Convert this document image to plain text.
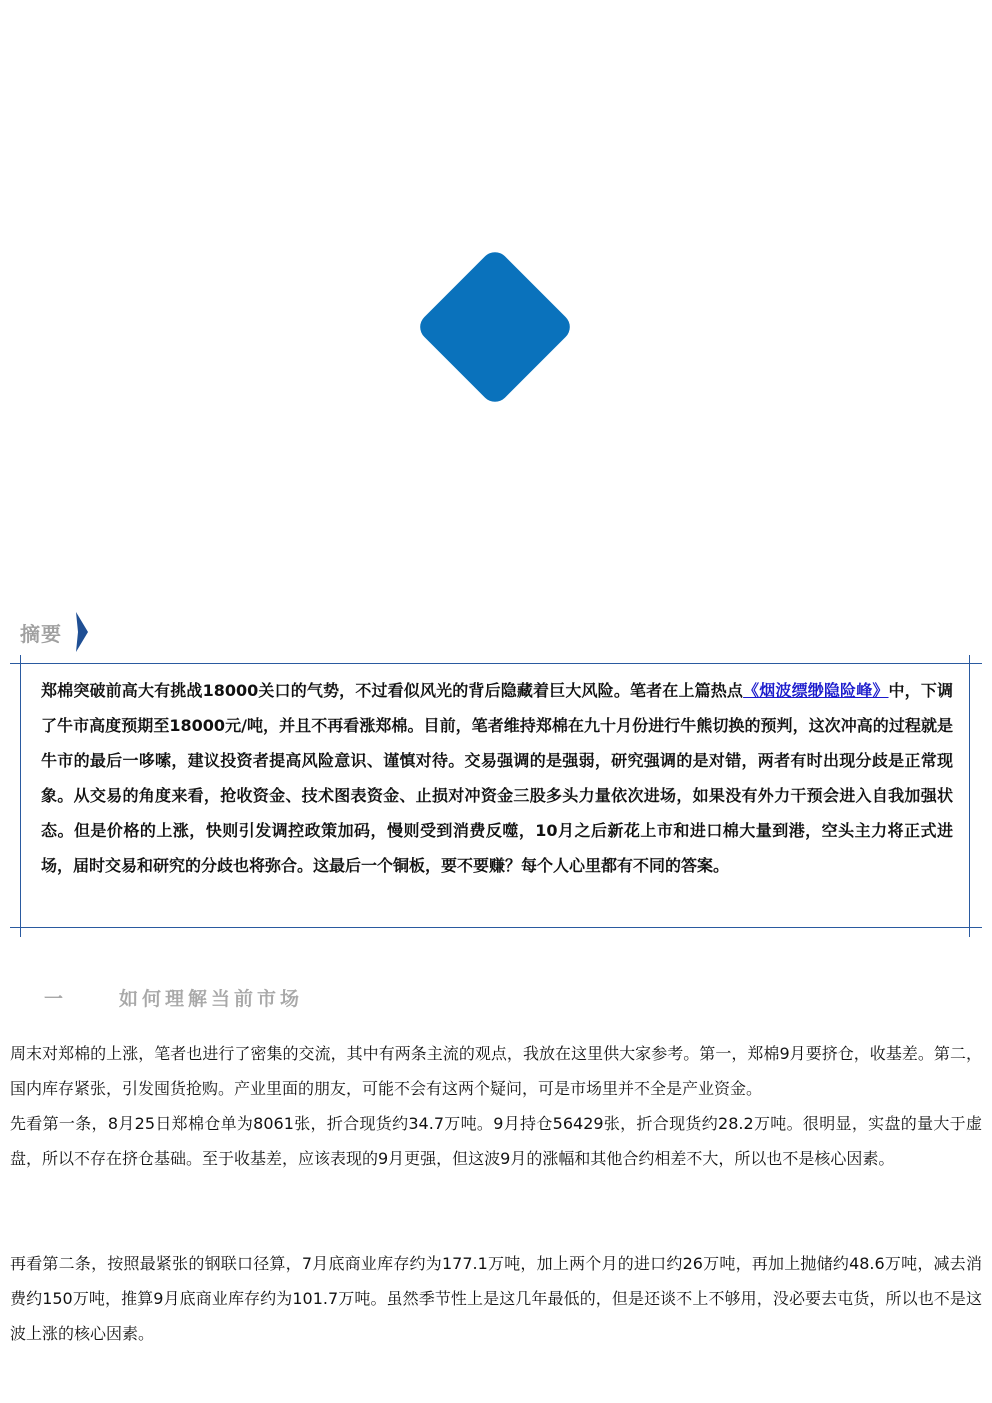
摘要
郑棉突破前高大有挑战18000关口的气势，不过看似风光的背后隐藏着巨大风险。笔者在上篇热点《烟波缥缈隐险峰》中，下调了牛市高度预期至18000元/吨，并且不再看涨郑棉。目前，笔者维持郑棉在九十月份进行牛熊切换的预判，这次冲高的过程就是牛市的最后一哆嗦，建议投资者提高风险意识、谨慎对待。交易强调的是强弱，研究强调的是对错，两者有时出现分歧是正常现象。从交易的角度来看，抢收资金、技术图表资金、止损对冲资金三股多头力量依次进场，如果没有外力干预会进入自我加强状态。但是价格的上涨，快则引发调控政策加码，慢则受到消费反噬，10月之后新花上市和进口棉大量到港，空头主力将正式进场，届时交易和研究的分歧也将弥合。这最后一个铜板，要不要赚？每个人心里都有不同的答案。
一	如何理解当前市场

周末对郑棉的上涨，笔者也进行了密集的交流，其中有两条主流的观点，我放在这里供大家参考。第一，郑棉9月要挤仓，收基差。第二，国内库存紧张，引发囤货抢购。产业里面的朋友，可能不会有这两个疑问，可是市场里并不全是产业资金。

先看第一条，8月25日郑棉仓单为8061张，折合现货约34.7万吨。9月持仓56429张，折合现货约28.2万吨。很明显，实盘的量大于虚盘，所以不存在挤仓基础。至于收基差，应该表现的9月更强，但这波9月的涨幅和其他合约相差不大，所以也不是核心因素。

再看第二条，按照最紧张的钢联口径算，7月底商业库存约为177.1万吨，加上两个月的进口约26万吨，再加上抛储约48.6万吨，减去消费约150万吨，推算9月底商业库存约为101.7万吨。虽然季节性上是这几年最低的，但是还谈不上不够用，没必要去屯货，所以也不是这波上涨的核心因素。
